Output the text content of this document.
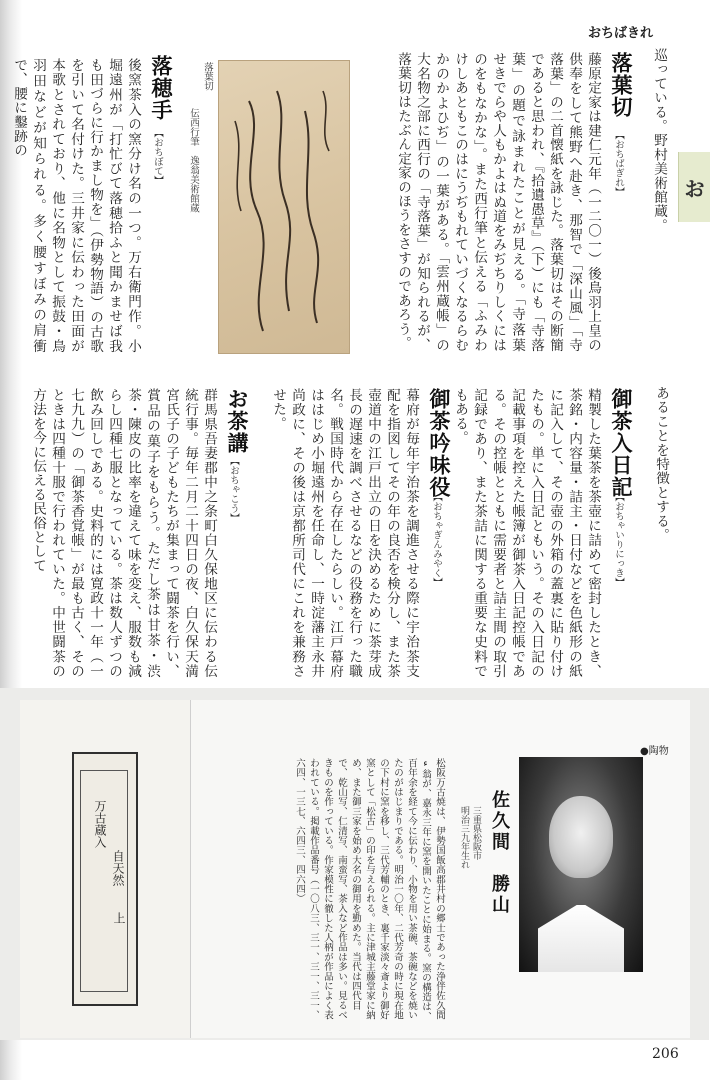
おちばきれ
お
巡っている。野村美術館蔵。
落葉切
【おちばぎれ】
藤原定家は建仁元年（一二〇一）後鳥羽上皇の供奉をして熊野へ赴き、那智で「深山風」「寺落葉」の二首懐紙を詠じた。落葉切はその断簡であると思われ、『拾遺愚草』（下）にも「寺落葉」の題で詠まれたことが見える。「寺落葉　せきでらや人もかよはぬ道をみぢちりしくにはのをもなかな」。また西行筆と伝える「ふみわけしあともこのはにうぢもれていづくなるらむかのかよひぢ」の一葉がある。「雲州蔵帳」の大名物之部に西行の「寺落葉」が知られるが、落葉切はたぶん定家のほうをさすのであろう。
落葉切
伝西行筆　逸翁美術館蔵
落穂手
【おちぼて】
後窯茶入の窯分け名の一つ。万右衛門作。小堀遠州が「打忙びて落穂拾ふと聞かませば我も田づらに行かまし物を」（伊勢物語）の古歌を引いて名付けた。三井家に伝わった田面が本歌とされており、他に名物として振鼓・鳥羽田などが知られる。多く腰すぼみの肩衝で、腰に鑿跡の
あることを特徴とする。
御茶入日記
【おちゃいりにっき】
精製した葉茶を茶壺に詰めて密封したとき、茶銘・内容量・詰主・日付などを色紙形の紙に記入して、その壺の外箱の蓋裏に貼り付けたもの。単に入日記ともいう。その入日記の記載事項を控えた帳簿が御茶入日記控帳である。その控帳とともに需要者と詰主間の取引記録であり、また茶詰に関する重要な史料でもある。
御茶吟味役
【おちゃぎんみやく】
幕府が毎年宇治茶を調進させる際に宇治茶支配を指図してその年の良否を検分し、また茶壺道中の江戸出立の日を決めるために茶芽成長の遅速を調べさせるなどの役務を行った職名。戦国時代から存在したらしい。江戸幕府ははじめ小堀遠州を任命し、一時淀藩主永井尚政に、その後は京都所司代にこれを兼務させた。
お茶講
【おちゃこう】
群馬県吾妻郡中之条町白久保地区に伝わる伝統行事。毎年二月二十四日の夜、白久保天満宮氏子の子どもたちが集まって闘茶を行い、賞品の菓子をもらう。ただし茶は甘茶・渋茶・陳皮の比率を違えて味を変え、服数も減らし四種七服となっている。茶は数人ずつの飲み回しである。史料的には寛政十一年（一七九九）の「御茶香覚帳」が最も古く、そのときは四種十服で行われていた。中世闘茶の方法を今に伝える民俗として
万古蔵入
自天然
上
●陶物
佐久間　勝山
三重県松阪市
明治三九年生れ
松阪万古焼は、伊勢国飯高郡井村の郷士であった浄伴佐久間ء翁が、嘉永三年に窯を開いたことに始まる。窯の構造は、百年余を経て今に伝わり、小物を用い茶碗、茶碗などを焼いたのがはじまりである。明治一〇年、二代芳奇の時に現在地の下村に窯を移し、三代芳輔のとき、裏千家淡々斎より御好窯として「松古」の印を与えられる。主に津城主藤堂家に納め、また御三家を始め大名の御用を勤めた。当代は四代目で、乾山写、仁清写、南蛮写、茶入など作品は多い。見るべきものを作っている。作家模性に徹した人柄が作品によく表われている。掲載作品番号（一〇八三、三一、三一、三一、六四、一三七、六四三、四六四）
206
